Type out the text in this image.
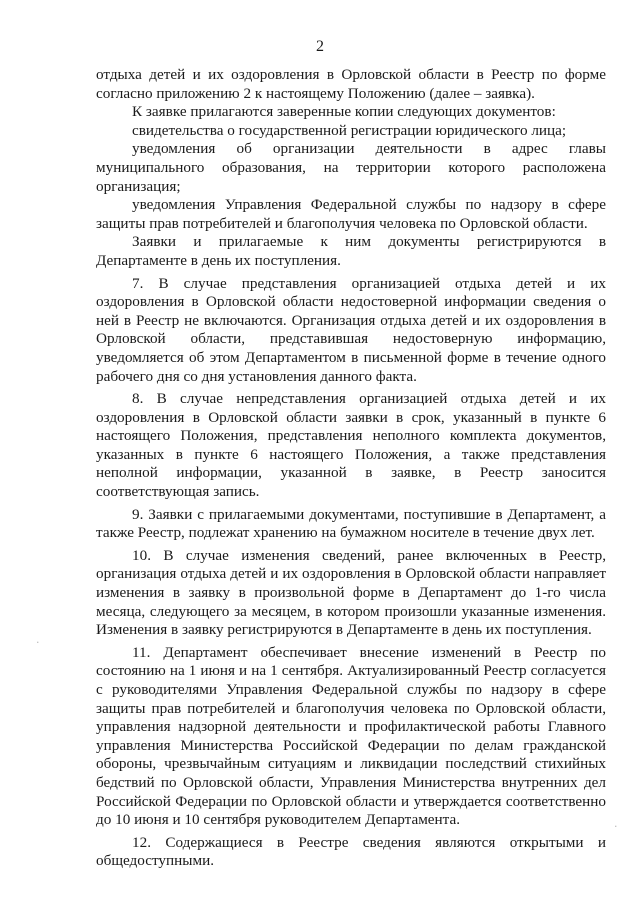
2

отдыха детей и их оздоровления в Орловской области в Реестр по форме согласно приложению 2 к настоящему Положению (далее – заявка).

К заявке прилагаются заверенные копии следующих документов:

свидетельства о государственной регистрации юридического лица;

уведомления об организации деятельности в адрес главы муниципального образования, на территории которого расположена организация;

уведомления Управления Федеральной службы по надзору в сфере защиты прав потребителей и благополучия человека по Орловской области.

Заявки и прилагаемые к ним документы регистрируются в Департаменте в день их поступления.

7. В случае представления организацией отдыха детей и их оздоровления в Орловской области недостоверной информации сведения о ней в Реестр не включаются. Организация отдыха детей и их оздоровления в Орловской области, представившая недостоверную информацию, уведомляется об этом Департаментом в письменной форме в течение одного рабочего дня со дня установления данного факта.

8. В случае непредставления организацией отдыха детей и их оздоровления в Орловской области заявки в срок, указанный в пункте 6 настоящего Положения, представления неполного комплекта документов, указанных в пункте 6 настоящего Положения, а также представления неполной информации, указанной в заявке, в Реестр заносится соответствующая запись.

9. Заявки с прилагаемыми документами, поступившие в Департамент, а также Реестр, подлежат хранению на бумажном носителе в течение двух лет.

10. В случае изменения сведений, ранее включенных в Реестр, организация отдыха детей и их оздоровления в Орловской области направляет изменения в заявку в произвольной форме в Департамент до 1-го числа месяца, следующего за месяцем, в котором произошли указанные изменения. Изменения в заявку регистрируются в Департаменте в день их поступления.

11. Департамент обеспечивает внесение изменений в Реестр по состоянию на 1 июня и на 1 сентября. Актуализированный Реестр согласуется с руководителями Управления Федеральной службы по надзору в сфере защиты прав потребителей и благополучия человека по Орловской области, управления надзорной деятельности и профилактической работы Главного управления Министерства Российской Федерации по делам гражданской обороны, чрезвычайным ситуациям и ликвидации последствий стихийных бедствий по Орловской области, Управления Министерства внутренних дел Российской Федерации по Орловской области и утверждается соответственно до 10 июня и 10 сентября руководителем Департамента.

12. Содержащиеся в Реестре сведения являются открытыми и общедоступными.

·
·
